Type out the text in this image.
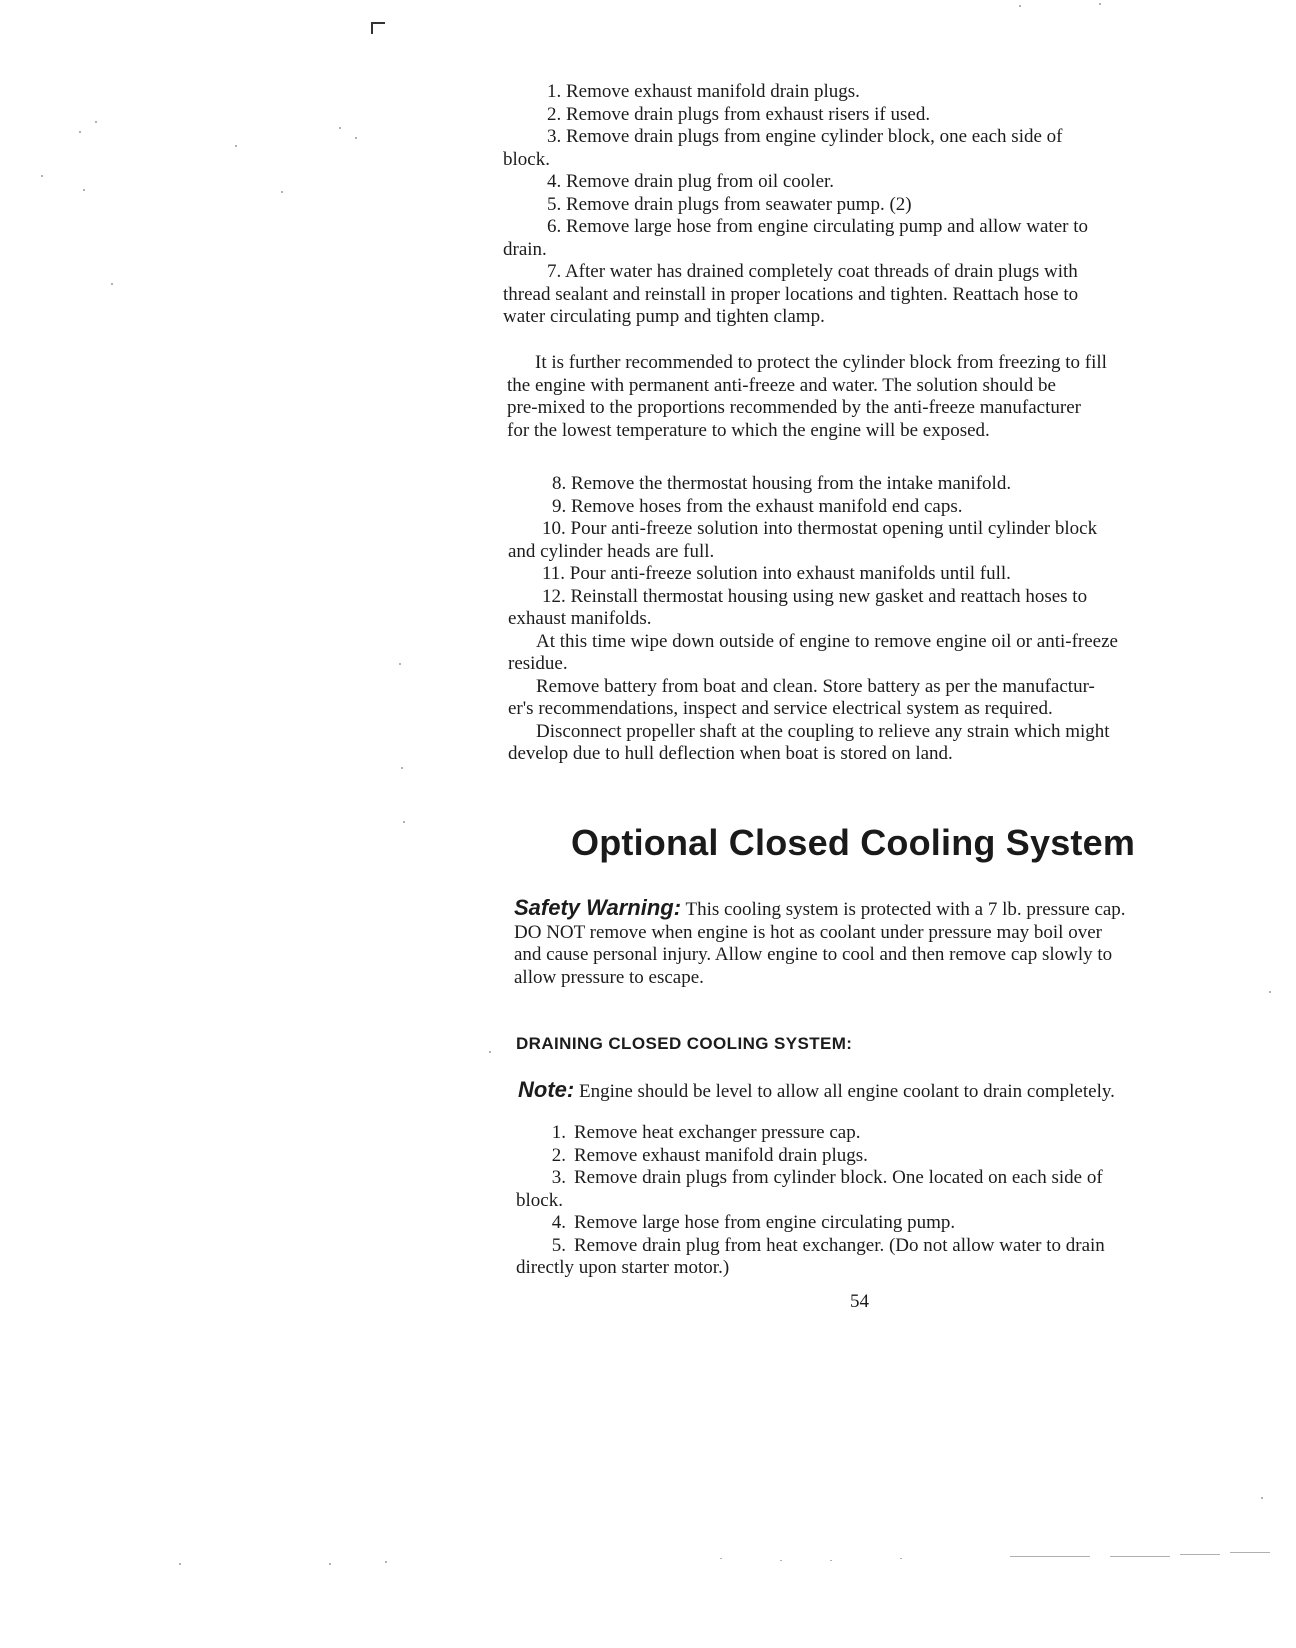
1. Remove exhaust manifold drain plugs.
2. Remove drain plugs from exhaust risers if used.
3. Remove drain plugs from engine cylinder block, one each side of
block.
4. Remove drain plug from oil cooler.
5. Remove drain plugs from seawater pump. (2)
6. Remove large hose from engine circulating pump and allow water to
drain.
7. After water has drained completely coat threads of drain plugs with
thread sealant and reinstall in proper locations and tighten. Reattach hose to
water circulating pump and tighten clamp.
It is further recommended to protect the cylinder block from freezing to fill
the engine with permanent anti-freeze and water. The solution should be
pre-mixed to the proportions recommended by the anti-freeze manufacturer
for the lowest temperature to which the engine will be exposed.
8. Remove the thermostat housing from the intake manifold.
9. Remove hoses from the exhaust manifold end caps.
10. Pour anti-freeze solution into thermostat opening until cylinder block
and cylinder heads are full.
11. Pour anti-freeze solution into exhaust manifolds until full.
12. Reinstall thermostat housing using new gasket and reattach hoses to
exhaust manifolds.
At this time wipe down outside of engine to remove engine oil or anti-freeze
residue.
Remove battery from boat and clean. Store battery as per the manufactur-
er's recommendations, inspect and service electrical system as required.
Disconnect propeller shaft at the coupling to relieve any strain which might
develop due to hull deflection when boat is stored on land.
Optional Closed Cooling System
Safety Warning: This cooling system is protected with a 7 lb. pressure cap.
DO NOT remove when engine is hot as coolant under pressure may boil over
and cause personal injury. Allow engine to cool and then remove cap slowly to
allow pressure to escape.
DRAINING CLOSED COOLING SYSTEM:
Note: Engine should be level to allow all engine coolant to drain completely.
1. Remove heat exchanger pressure cap.
2. Remove exhaust manifold drain plugs.
3. Remove drain plugs from cylinder block. One located on each side of
block.
4. Remove large hose from engine circulating pump.
5. Remove drain plug from heat exchanger. (Do not allow water to drain
directly upon starter motor.)
54
